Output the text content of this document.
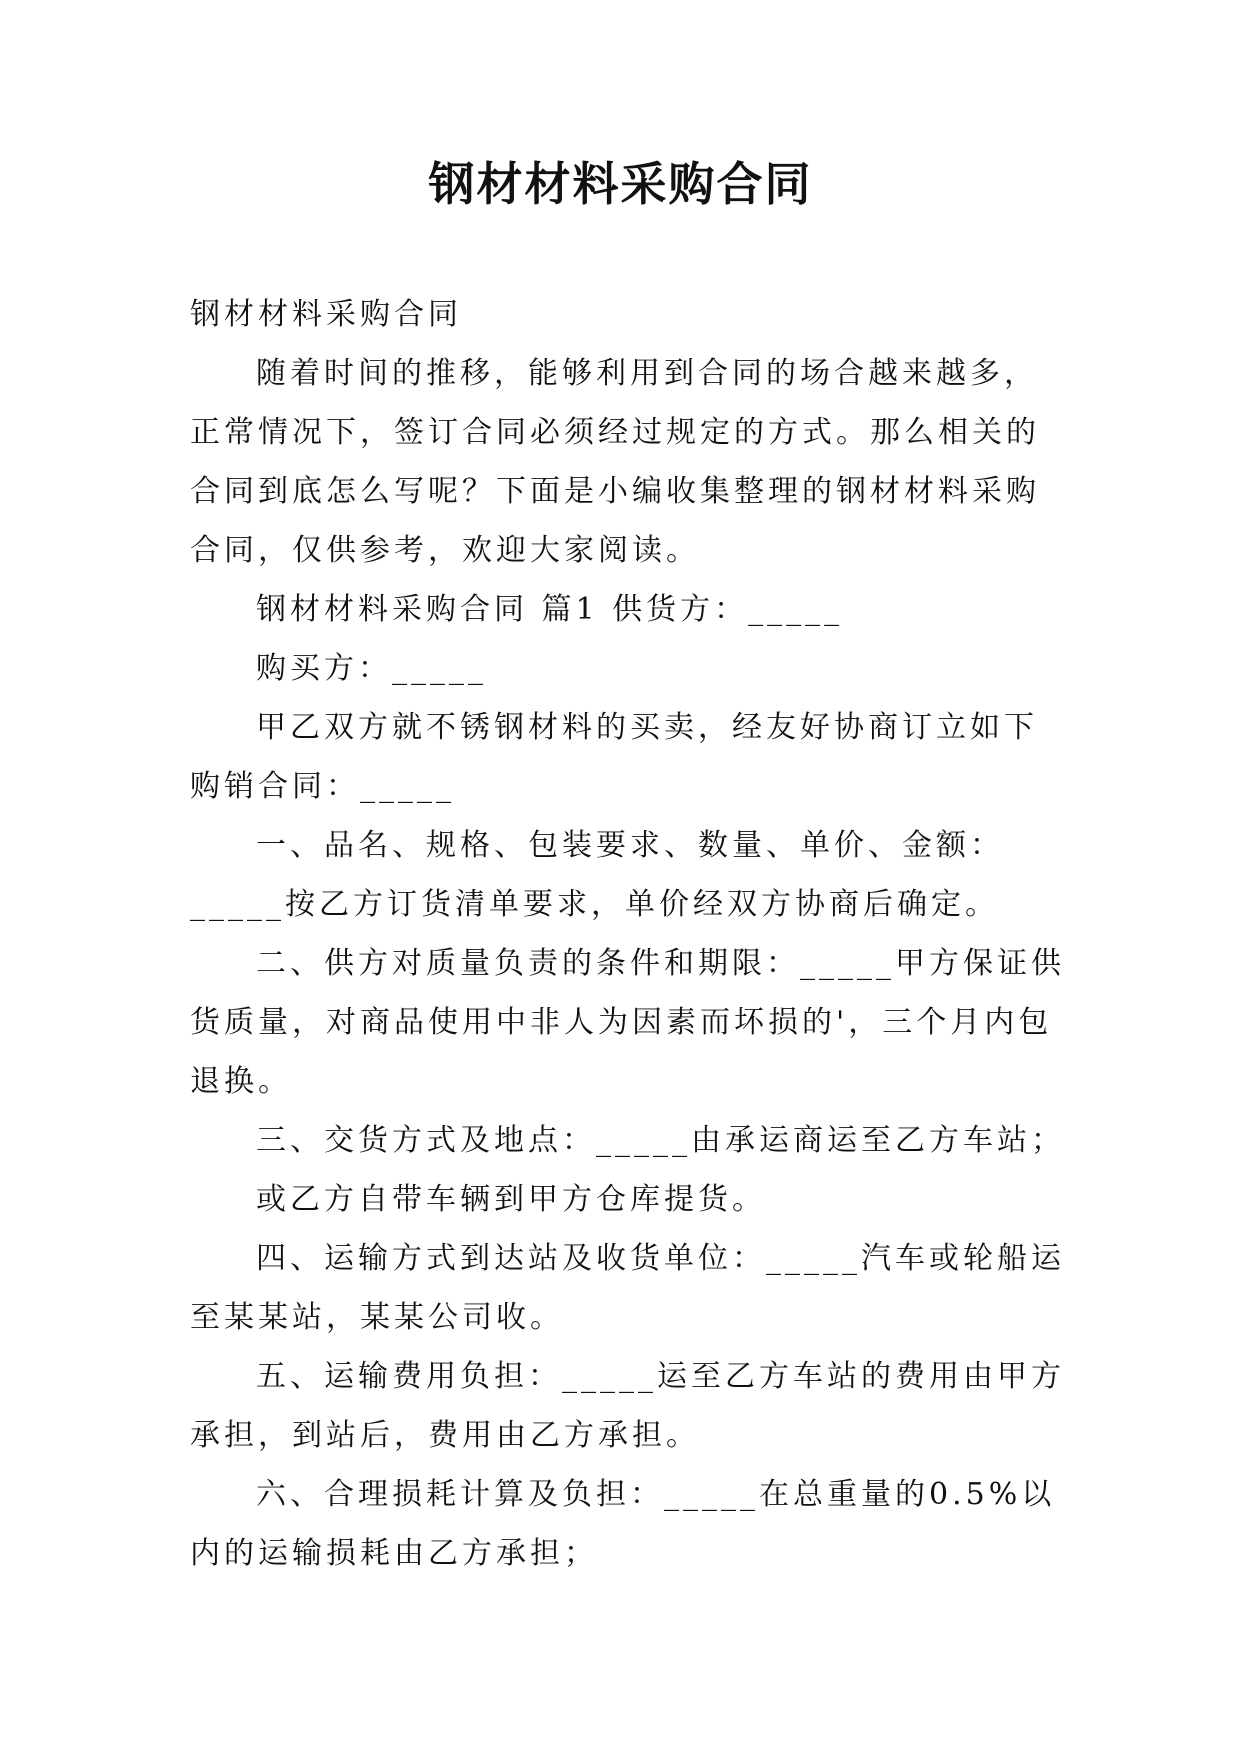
钢材材料采购合同

钢材材料采购合同

随着时间的推移，能够利用到合同的场合越来越多，正常情况下，签订合同必须经过规定的方式。那么相关的合同到底怎么写呢？下面是小编收集整理的钢材材料采购合同，仅供参考，欢迎大家阅读。

钢材材料采购合同 篇1 供货方：_____

购买方：_____

甲乙双方就不锈钢材料的买卖，经友好协商订立如下购销合同：_____

一、品名、规格、包装要求、数量、单价、金额：_____按乙方订货清单要求，单价经双方协商后确定。

二、供方对质量负责的条件和期限：_____甲方保证供货质量，对商品使用中非人为因素而坏损的'，三个月内包退换。

三、交货方式及地点：_____由承运商运至乙方车站；

或乙方自带车辆到甲方仓库提货。

四、运输方式到达站及收货单位：_____汽车或轮船运至某某站，某某公司收。

五、运输费用负担：_____运至乙方车站的费用由甲方承担，到站后，费用由乙方承担。

六、合理损耗计算及负担：_____在总重量的0.5%以内的运输损耗由乙方承担；
